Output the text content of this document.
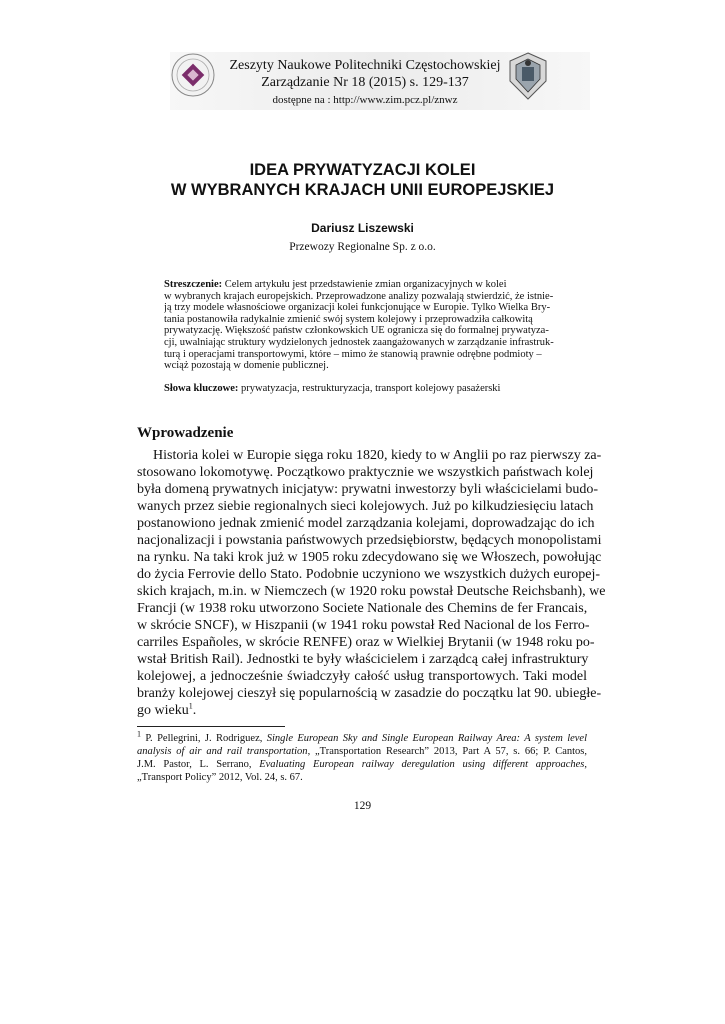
Zeszyty Naukowe Politechniki Częstochowskiej
Zarządzanie Nr 18 (2015) s. 129-137
dostępne na : http://www.zim.pcz.pl/znwz
IDEA PRYWATYZACJI KOLEI
W WYBRANYCH KRAJACH UNII EUROPEJSKIEJ
Dariusz Liszewski
Przewozy Regionalne Sp. z o.o.
Streszczenie: Celem artykułu jest przedstawienie zmian organizacyjnych w kolei
w wybranych krajach europejskich. Przeprowadzone analizy pozwalają stwierdzić, że istnie-
ją trzy modele własnościowe organizacji kolei funkcjonujące w Europie. Tylko Wielka Bry-
tania postanowiła radykalnie zmienić swój system kolejowy i przeprowadziła całkowitą
prywatyzację. Większość państw członkowskich UE ogranicza się do formalnej prywatyza-
cji, uwalniając struktury wydzielonych jednostek zaangażowanych w zarządzanie infrastruk-
turą i operacjami transportowymi, które – mimo że stanowią prawnie odrębne podmioty –
wciąż pozostają w domenie publicznej.
Słowa kluczowe: prywatyzacja, restrukturyzacja, transport kolejowy pasażerski
Wprowadzenie
Historia kolei w Europie sięga roku 1820, kiedy to w Anglii po raz pierwszy za-
stosowano lokomotywę. Początkowo praktycznie we wszystkich państwach kolej
była domeną prywatnych inicjatyw: prywatni inwestorzy byli właścicielami budo-
wanych przez siebie regionalnych sieci kolejowych. Już po kilkudziesięciu latach
postanowiono jednak zmienić model zarządzania kolejami, doprowadzając do ich
nacjonalizacji i powstania państwowych przedsiębiorstw, będących monopolistami
na rynku. Na taki krok już w 1905 roku zdecydowano się we Włoszech, powołując
do życia Ferrovie dello Stato. Podobnie uczyniono we wszystkich dużych europej-
skich krajach, m.in. w Niemczech (w 1920 roku powstał Deutsche Reichsbanh), we
Francji (w 1938 roku utworzono Societe Nationale des Chemins de fer Francais,
w skrócie SNCF), w Hiszpanii (w 1941 roku powstał Red Nacional de los Ferro-
carriles Españoles, w skrócie RENFE) oraz w Wielkiej Brytanii (w 1948 roku po-
wstał British Rail). Jednostki te były właścicielem i zarządcą całej infrastruktury
kolejowej, a jednocześnie świadczyły całość usług transportowych. Taki model
branży kolejowej cieszył się popularnością w zasadzie do początku lat 90. ubiegłe-
go wieku$^1$.
$^1$ P. Pellegrini, J. Rodriguez, Single European Sky and Single European Railway Area: A system level
analysis of air and rail transportation, „Transportation Research” 2013, Part A 57, s. 66; P. Cantos,
J.M. Pastor, L. Serrano, Evaluating European railway deregulation using different approaches,
„Transport Policy” 2012, Vol. 24, s. 67.
129
